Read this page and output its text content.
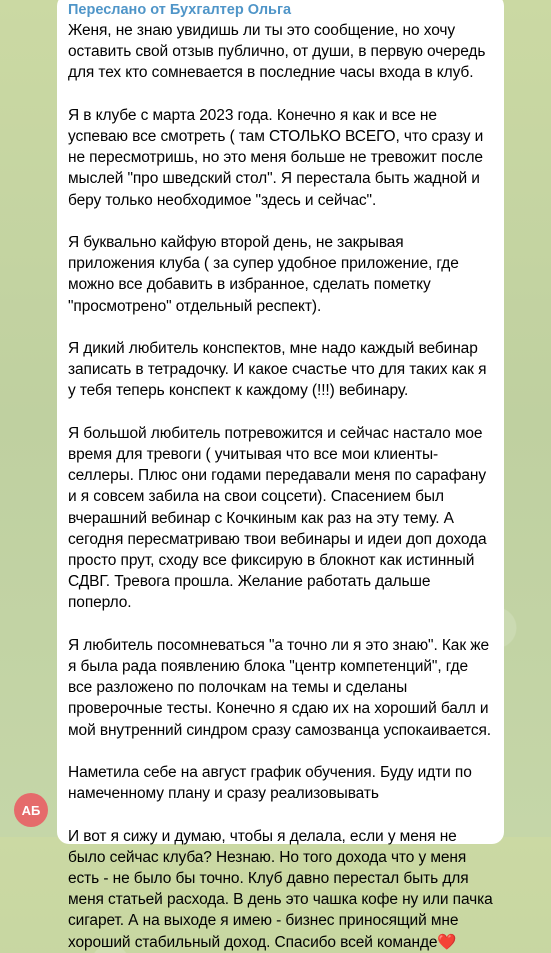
Переслано от Бухгалтер Ольга

Женя, не знаю увидишь ли ты это сообщение, но хочу оставить свой отзыв публично, от души, в первую очередь для тех кто сомневается в последние часы входа в клуб.

Я в клубе с марта 2023 года. Конечно я как и все не успеваю все смотреть ( там СТОЛЬКО ВСЕГО, что сразу и не пересмотришь, но это меня больше не тревожит после мыслей "про шведский стол". Я перестала быть жадной и беру только необходимое "здесь и сейчас".

Я буквально кайфую второй день, не закрывая приложения клуба ( за супер удобное приложение, где можно все добавить в избранное, сделать пометку "просмотрено" отдельный респект).

Я дикий любитель конспектов, мне надо каждый вебинар записать в тетрадочку. И какое счастье что для таких как я у тебя теперь конспект к каждому (!!!) вебинару.

Я большой любитель потревожится и сейчас настало мое время для тревоги ( учитывая что все мои клиенты-селлеры. Плюс они годами передавали меня по сарафану и я совсем забила на свои соцсети). Спасением был вчерашний вебинар с Кочкиным как раз на эту тему. А сегодня пересматриваю твои вебинары и идеи доп дохода просто прут, сходу все фиксирую в блокнот как истинный СДВГ. Тревога прошла. Желание работать дальше поперло.

Я любитель посомневаться "а точно ли я это знаю". Как же я была рада появлению блока "центр компетенций", где все разложено по полочкам на темы и сделаны проверочные тесты. Конечно я сдаю их на хороший балл и мой внутренний синдром сразу самозванца успокаивается.

Наметила себе на август график обучения. Буду идти по намеченному плану и сразу реализовывать

И вот я сижу и думаю, чтобы я делала, если у меня не было сейчас клуба? Незнаю. Но того дохода что у меня есть - не было бы точно. Клуб давно перестал быть для меня статьей расхода. В день это чашка кофе ну или пачка сигарет. А на выходе я имею - бизнес приносящий мне хороший стабильный доход. Спасибо всей команде❤️

АБ
